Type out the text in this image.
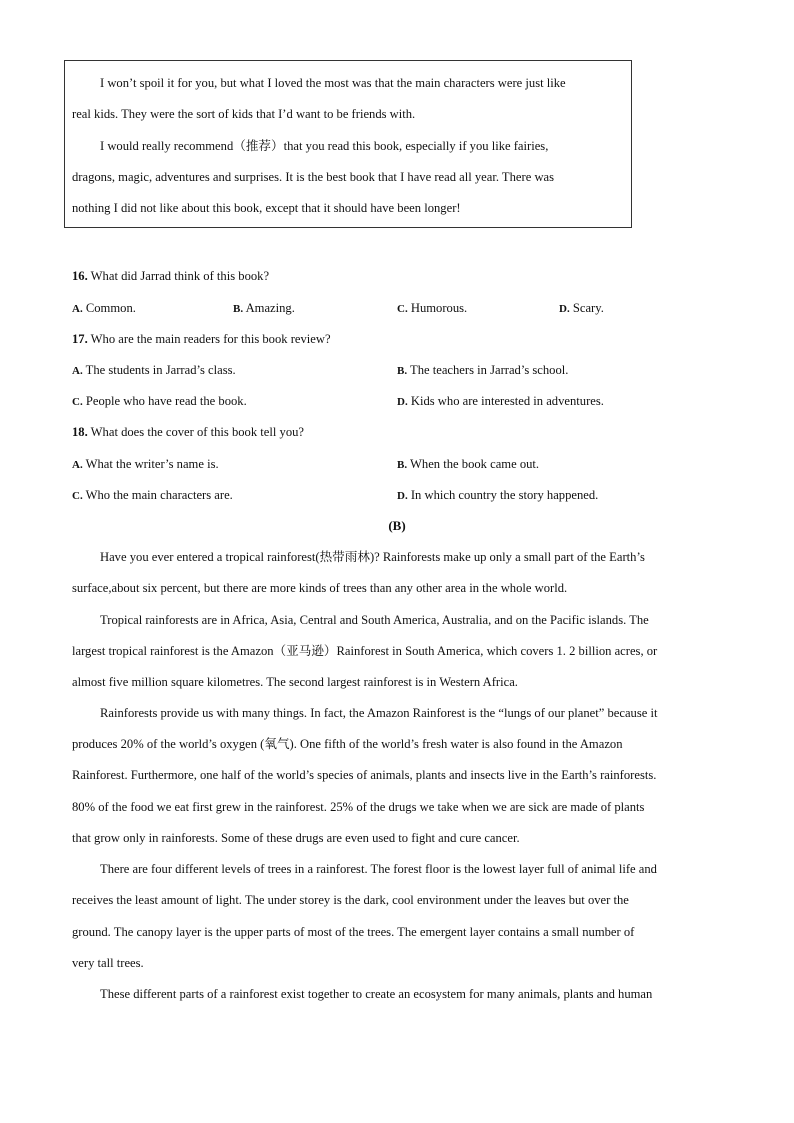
I won’t spoil it for you, but what I loved the most was that the main characters were just like
real kids. They were the sort of kids that I’d want to be friends with.
I would really recommend（推荐）that you read this book, especially if you like fairies,
dragons, magic, adventures and surprises. It is the best book that I have read all year. There was
nothing I did not like about this book, except that it should have been longer!
16. What did Jarrad think of this book?
A. Common.	B. Amazing.	C. Humorous.	D. Scary.
17. Who are the main readers for this book review?
A. The students in Jarrad’s class.	B. The teachers in Jarrad’s school.
C. People who have read the book.	D. Kids who are interested in adventures.
18. What does the cover of this book tell you?
A. What the writer’s name is.	B. When the book came out.
C. Who the main characters are.	D. In which country the story happened.
(B)
Have you ever entered a tropical rainforest(热带雨林)? Rainforests make up only a small part of the Earth’s
surface,about six percent, but there are more kinds of trees than any other area in the whole world.
Tropical rainforests are in Africa, Asia, Central and South America, Australia, and on the Pacific islands. The
largest tropical rainforest is the Amazon（亚马逊）Rainforest in South America, which covers 1. 2 billion acres, or
almost five million square kilometres. The second largest rainforest is in Western Africa.
Rainforests provide us with many things. In fact, the Amazon Rainforest is the “lungs of our planet” because it
produces 20% of the world’s oxygen (氧气). One fifth of the world’s fresh water is also found in the Amazon
Rainforest. Furthermore, one half of the world’s species of animals, plants and insects live in the Earth’s rainforests.
80% of the food we eat first grew in the rainforest. 25% of the drugs we take when we are sick are made of plants
that grow only in rainforests. Some of these drugs are even used to fight and cure cancer.
There are four different levels of trees in a rainforest. The forest floor is the lowest layer full of animal life and
receives the least amount of light. The under storey is the dark, cool environment under the leaves but over the
ground. The canopy layer is the upper parts of most of the trees. The emergent layer contains a small number of
very tall trees.
These different parts of a rainforest exist together to create an ecosystem for many animals, plants and human
